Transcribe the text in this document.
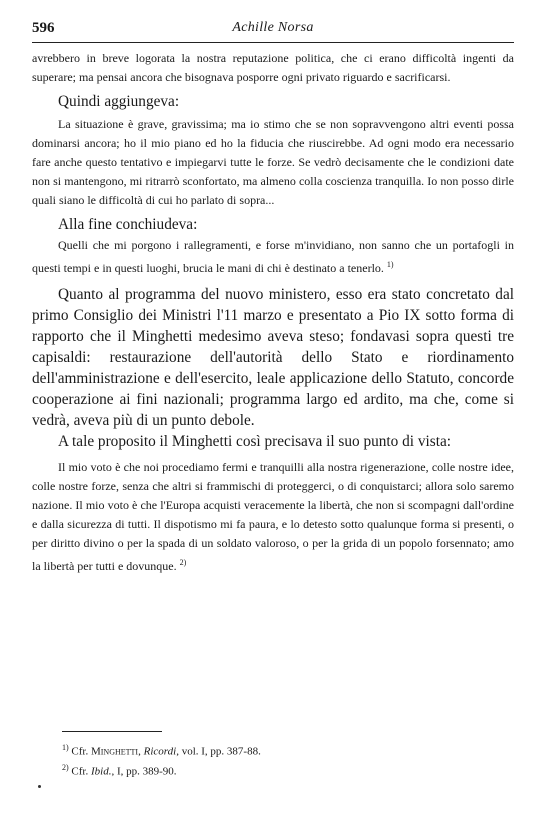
596	Achille Norsa

avrebbero in breve logorata la nostra reputazione politica, che ci erano difficoltà ingenti da superare; ma pensai ancora che bisognava posporre ogni privato riguardo e sacrificarsi.

Quindi aggiungeva:

La situazione è grave, gravissima; ma io stimo che se non sopravvengono altri eventi possa dominarsi ancora; ho il mio piano ed ho la fiducia che riuscirebbe. Ad ogni modo era necessario fare anche questo tentativo e impiegarvi tutte le forze. Se vedrò decisamente che le condizioni date non si mantengono, mi ritrarrò sconfortato, ma almeno colla coscienza tranquilla. Io non posso dirle quali siano le difficoltà di cui ho parlato di sopra...

Alla fine conchiudeva:

Quelli che mi porgono i rallegramenti, e forse m'invidiano, non sanno che un portafogli in questi tempi e in questi luoghi, brucia le mani di chi è destinato a tenerlo. $^{1)}$

Quanto al programma del nuovo ministero, esso era stato concretato dal primo Consiglio dei Ministri l'11 marzo e presentato a Pio IX sotto forma di rapporto che il Minghetti medesimo aveva steso; fondavasi sopra questi tre capisaldi: restaurazione dell'autorità dello Stato e riordinamento dell'amministrazione e dell'esercito, leale applicazione dello Statuto, concorde cooperazione ai fini nazionali; programma largo ed ardito, ma che, come si vedrà, aveva più di un punto debole.

A tale proposito il Minghetti così precisava il suo punto di vista:

Il mio voto è che noi procediamo fermi e tranquilli alla nostra rigenerazione, colle nostre idee, colle nostre forze, senza che altri si frammischi di proteggerci, o di conquistarci; allora solo saremo nazione. Il mio voto è che l'Europa acquisti veracemente la libertà, che non si scompagni dall'ordine e dalla sicurezza di tutti. Il dispotismo mi fa paura, e lo detesto sotto qualunque forma si presenti, o per diritto divino o per la spada di un soldato valoroso, o per la grida di un popolo forsennato; amo la libertà per tutti e dovunque. $^{2)}$

$^{1)}$ Cfr. Minghetti, Ricordi, vol. I, pp. 387-88.

$^{2)}$ Cfr. Ibid., I, pp. 389-90.
